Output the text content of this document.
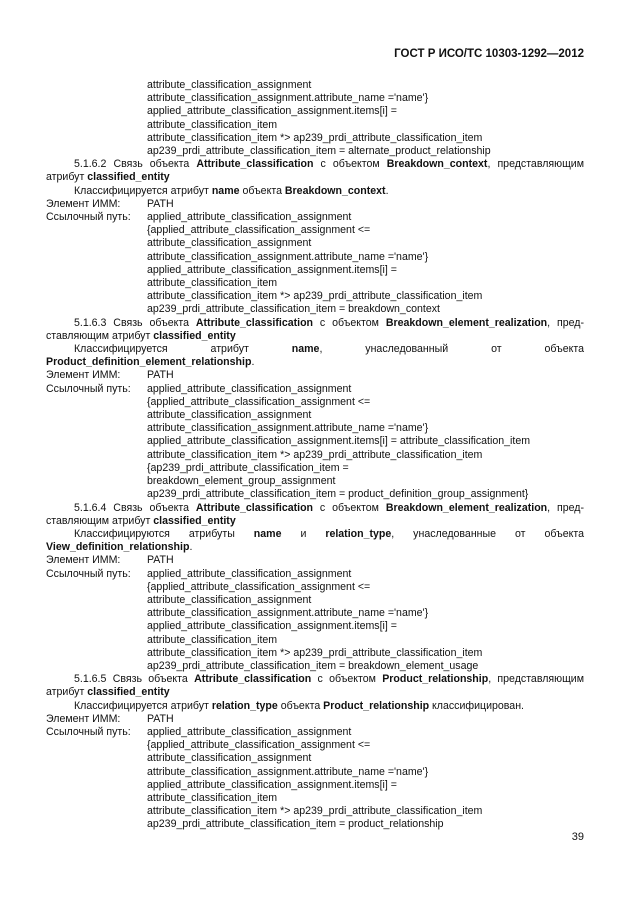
ГОСТ Р ИСО/ТС 10303-1292—2012
attribute_classification_assignment
attribute_classification_assignment.attribute_name ='name'}
applied_attribute_classification_assignment.items[i] =
attribute_classification_item
attribute_classification_item *> ap239_prdi_attribute_classification_item
ap239_prdi_attribute_classification_item = alternate_product_relationship
5.1.6.2 Связь объекта Attribute_classification с объектом Breakdown_context, представляющим атрибут classified_entity
Классифицируется атрибут name объекта Breakdown_context.
Элемент ИММ:	PATH
Ссылочный путь:	applied_attribute_classification_assignment
{applied_attribute_classification_assignment <=
attribute_classification_assignment
attribute_classification_assignment.attribute_name ='name'}
applied_attribute_classification_assignment.items[i] =
attribute_classification_item
attribute_classification_item *> ap239_prdi_attribute_classification_item
ap239_prdi_attribute_classification_item = breakdown_context
5.1.6.3 Связь объекта Attribute_classification с объектом Breakdown_element_realization, пред-ставляющим атрибут classified_entity
Классифицируется атрибут name, унаследованный от объекта Product_definition_element_relationship.
Элемент ИММ:	PATH
Ссылочный путь:	applied_attribute_classification_assignment
{applied_attribute_classification_assignment <=
attribute_classification_assignment
attribute_classification_assignment.attribute_name ='name'}
applied_attribute_classification_assignment.items[i] = attribute_classification_item
attribute_classification_item *> ap239_prdi_attribute_classification_item
{ap239_prdi_attribute_classification_item =
breakdown_element_group_assignment
ap239_prdi_attribute_classification_item = product_definition_group_assignment}
5.1.6.4 Связь объекта Attribute_classification с объектом Breakdown_element_realization, пред-ставляющим атрибут classified_entity
Классифицируются атрибуты name и relation_type, унаследованные от объекта View_definition_relationship.
Элемент ИММ:	PATH
Ссылочный путь:	applied_attribute_classification_assignment
{applied_attribute_classification_assignment <=
attribute_classification_assignment
attribute_classification_assignment.attribute_name ='name'}
applied_attribute_classification_assignment.items[i] =
attribute_classification_item
attribute_classification_item *> ap239_prdi_attribute_classification_item
ap239_prdi_attribute_classification_item = breakdown_element_usage
5.1.6.5 Связь объекта Attribute_classification с объектом Product_relationship, представляющим атрибут classified_entity
Классифицируется атрибут relation_type объекта Product_relationship классифицирован.
Элемент ИММ:	PATH
Ссылочный путь:	applied_attribute_classification_assignment
{applied_attribute_classification_assignment <=
attribute_classification_assignment
attribute_classification_assignment.attribute_name ='name'}
applied_attribute_classification_assignment.items[i] =
attribute_classification_item
attribute_classification_item *> ap239_prdi_attribute_classification_item
ap239_prdi_attribute_classification_item = product_relationship
39
